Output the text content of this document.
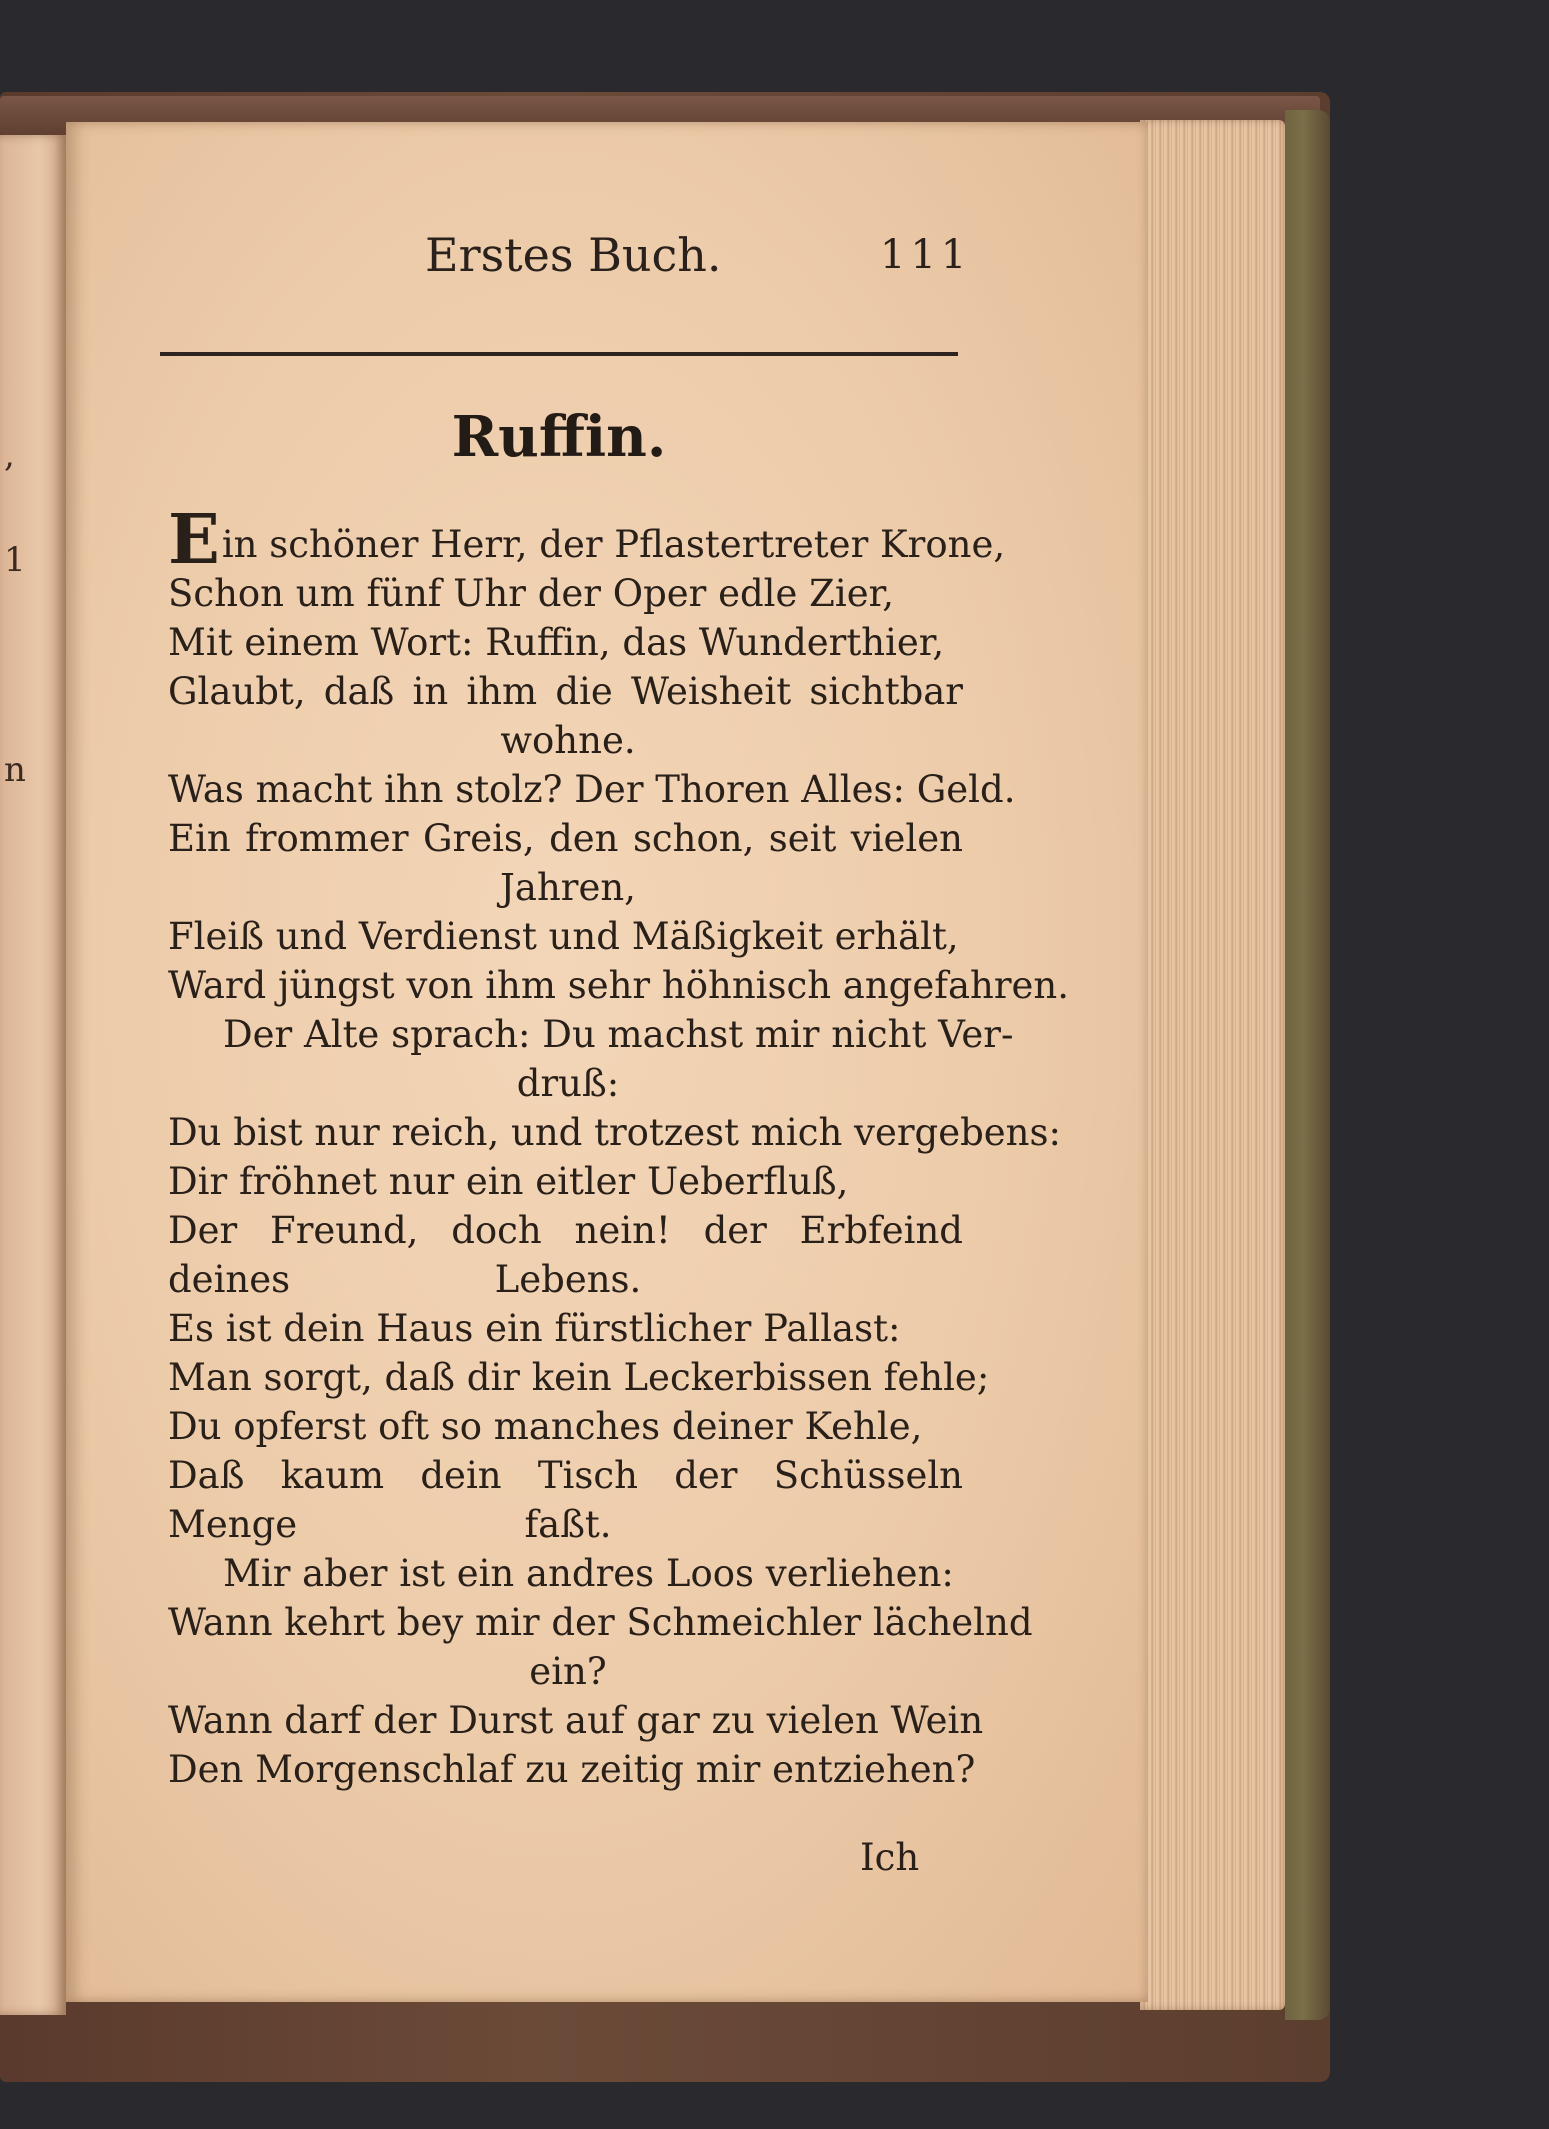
,
1
n
Erstes Buch.	111
Ruffin.
Ein schöner Herr, der Pflastertreter Krone,
Schon um fünf Uhr der Oper edle Zier,
Mit einem Wort: Ruffin, das Wunderthier,
Glaubt, daß in ihm die Weisheit sichtbar
wohne.
Was macht ihn stolz? Der Thoren Alles: Geld.
Ein frommer Greis, den schon, seit vielen
Jahren,
Fleiß und Verdienst und Mäßigkeit erhält,
Ward jüngst von ihm sehr höhnisch angefahren.
Der Alte sprach: Du machst mir nicht Ver-
druß:
Du bist nur reich, und trotzest mich vergebens:
Dir fröhnet nur ein eitler Ueberfluß,
Der Freund, doch nein! der Erbfeind deines	Lebens.
Es ist dein Haus ein fürstlicher Pallast:
Man sorgt, daß dir kein Leckerbissen fehle;
Du opferst oft so manches deiner Kehle,
Daß kaum dein Tisch der Schüsseln Menge	faßt.
Mir aber ist ein andres Loos verliehen:
Wann kehrt bey mir der Schmeichler lächelnd
ein?
Wann darf der Durst auf gar zu vielen Wein
Den Morgenschlaf zu zeitig mir entziehen?
Ich
